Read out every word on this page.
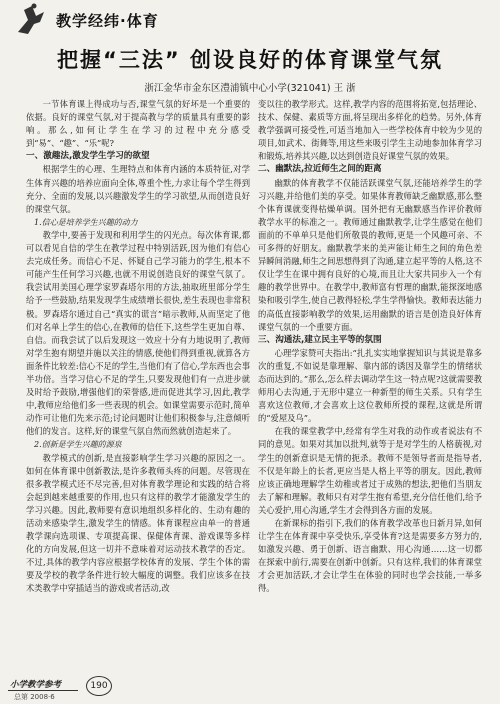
教学经纬·体育
把握“三法” 创设良好的体育课堂气氛
浙江金华市金东区澧浦镇中心小学(321041) 王 浙

一节体育课上得成功与否,课堂气氛的好坏是一个重要的依据。良好的课堂气氛,对于提高教与学的质量具有重要的影响。那么,如何让学生在学习的过程中充分感受到“易”、“趣”、“乐”呢?

一、激趣法,激发学生学习的欲望

根据学生的心理、生理特点和体育内涵的本质特征,对学生体育兴趣的培养应面向全体,尊重个性,力求让每个学生得到充分、全面的发展,以兴趣激发学生的学习欲望,从而创造良好的课堂气氛。

1.信心是培养学生兴趣的动力

教学中,要善于发现和利用学生的闪光点。每次体育课,都可以看见自信的学生在教学过程中特别活跃,因为他们有信心去完成任务。而信心不足、怀疑自己学习能力的学生,根本不可能产生任何学习兴趣,也就不用说创造良好的课堂气氛了。我尝试用美国心理学家罗森塔尔用的方法,抽取班里部分学生给予一些鼓励,结果发现学生成绩增长很快,差生表现也非常积极。罗森塔尔通过自己“真实的谎言”暗示教师,从而坚定了他们对名单上学生的信心,在教师的信任下,这些学生更加自尊、自信。而我尝试了以后发现这一效应十分有力地说明了,教师对学生抱有期望并施以关注的情感,使他们得到重视,就算各方面条件比较差:信心不足的学生,当他们有了信心,学东西也会事半功倍。当学习信心不足的学生,只要发现他们有一点进步就及时给予鼓励,增强他们的荣誉感,进而促进其学习,因此,教学中,教师应给他们多一些表现的机会。如课堂需要示范时,简单动作可让他们先来示范;讨论问题时让他们积极参与,注意倾听他们的发言。这样,好的课堂气氛自然而然就创造起来了。

2.创新是学生兴趣的源泉

教学模式的创新,是直接影响学生学习兴趣的原因之一。如何在体育课中创新教法,是许多教师头疼的问题。尽管现在很多教学模式还不尽完善,但对体育教学理论和实践的结合将会起到越来越重要的作用,也只有这样的教学才能激发学生的学习兴趣。因此,教师要有意识地组织多样化的、生动有趣的活动来感染学生,激发学生的情感。体育课程应由单一的普通教学课向选项课、专项提高课、保健体育课、游戏课等多样化的方向发展,但这一切并不意味着对运动技术教学的否定。不过,具体的教学内容应根据学校体育的发展、学生个体的需要及学校的教学条件进行较大幅度的调整。我们应该多在技术类教学中穿插适当的游戏或者活动,改

变以往的教学形式。这样,教学内容的范围将拓宽,包括理论、技术、保健、素质等方面,将呈现出多样化的趋势。另外,体育教学强调可接受性,可适当地加入一些学校体育中较为少见的项目,如武术、街舞等,用这些来吸引学生主动地参加体育学习和锻炼,培养其兴趣,以达到创造良好课堂气氛的效果。

二、幽默法,拉近师生之间的距离

幽默的体育教学不仅能活跃课堂气氛,还能培养学生的学习兴趣,并给他们美的享受。如果体育教师缺乏幽默感,那么整个体育课就变得枯燥单调。国外把有无幽默感当作评价教师教学水平的标准之一。教师通过幽默教学,让学生感觉在他们面前的不单单只是他们所敬畏的教师,更是一个风趣可亲、不可多得的好朋友。幽默教学来的美声能让师生之间的角色差异瞬间消融,师生之间思想得到了沟通,建立起平等的人格,这不仅让学生在课中拥有良好的心境,而且让大家共同步入一个有趣的教学世界中。在教学中,教师富有哲理的幽默,能探深地感染和吸引学生,使自己教得轻松,学生学得愉快。教师表达能力的高低直接影响教学的效果,运用幽默的语言是创造良好体育课堂气氛的一个重要方面。

三、沟通法,建立民主平等的氛围

心理学家赞可夫指出:“扎扎实实地掌握知识与其说是靠多次的重复,不如说是靠理解、靠内部的诱因及靠学生的情绪状态而达到的。”那么,怎么样去调动学生这一特点呢?这就需要教师用心去沟通,于无形中建立一种新型的师生关系。只有学生喜欢这位教师,才会喜欢上这位教师所授的课程,这就是所谓的“爱屋及乌”。

在我的课堂教学中,经常有学生对我的动作或者说法有不同的意见。如果对其加以批判,就等于是对学生的人格藐视,对学生的创新意识是无情的扼杀。教师不是领导者而是指导者,不仅是年龄上的长者,更应当是人格上平等的朋友。因此,教师应该正确地理解学生幼稚或者过于成熟的想法,把他们当朋友去了解和理解。教师只有对学生抱有希望,充分信任他们,给予关心爱护,用心沟通,学生才会得到各方面的发展。

在新课标的指引下,我们的体育教学改革也日新月异,如何让学生在体育课中享受快乐,享受体育?这是需要多方努力的,如激发兴趣、勇于创新、语言幽默、用心沟通……这一切都在探索中前行,需要在创新中创新。只有这样,我们的体育课堂才会更加活跃,才会让学生在体验的同时也学会技能,一举多得。

小学教学参考
总第 2008·6
190
